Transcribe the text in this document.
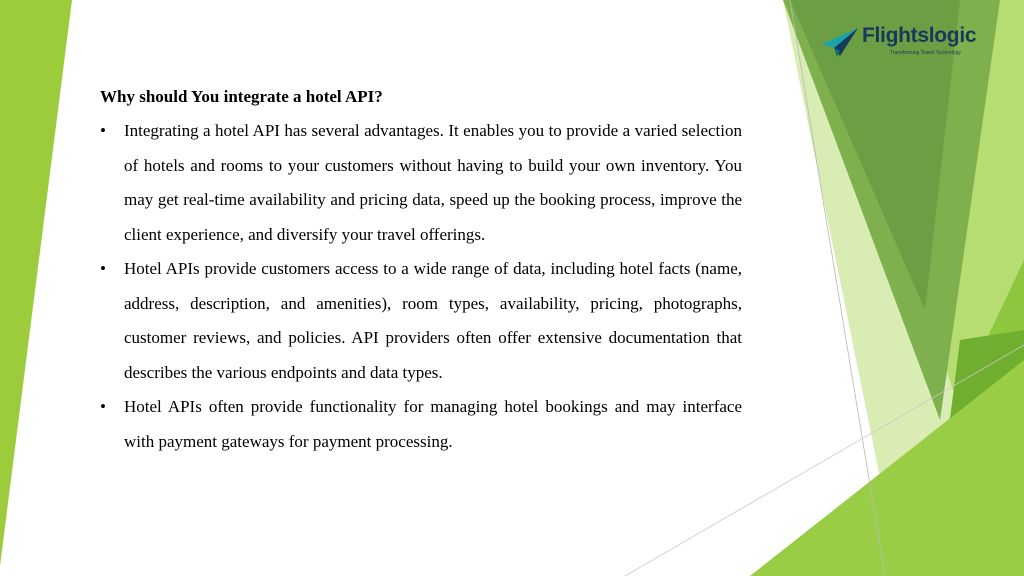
Flightslogic
Transforming Travel Technology
Why should You integrate a hotel API?
• Integrating a hotel API has several advantages. It enables you to provide a varied selection of hotels and rooms to your customers without having to build your own inventory. You may get real-time availability and pricing data, speed up the booking process, improve the client experience, and diversify your travel offerings.
• Hotel APIs provide customers access to a wide range of data, including hotel facts (name, address, description, and amenities), room types, availability, pricing, photographs, customer reviews, and policies. API providers often offer extensive documentation that describes the various endpoints and data types.
• Hotel APIs often provide functionality for managing hotel bookings and may interface with payment gateways for payment processing.
